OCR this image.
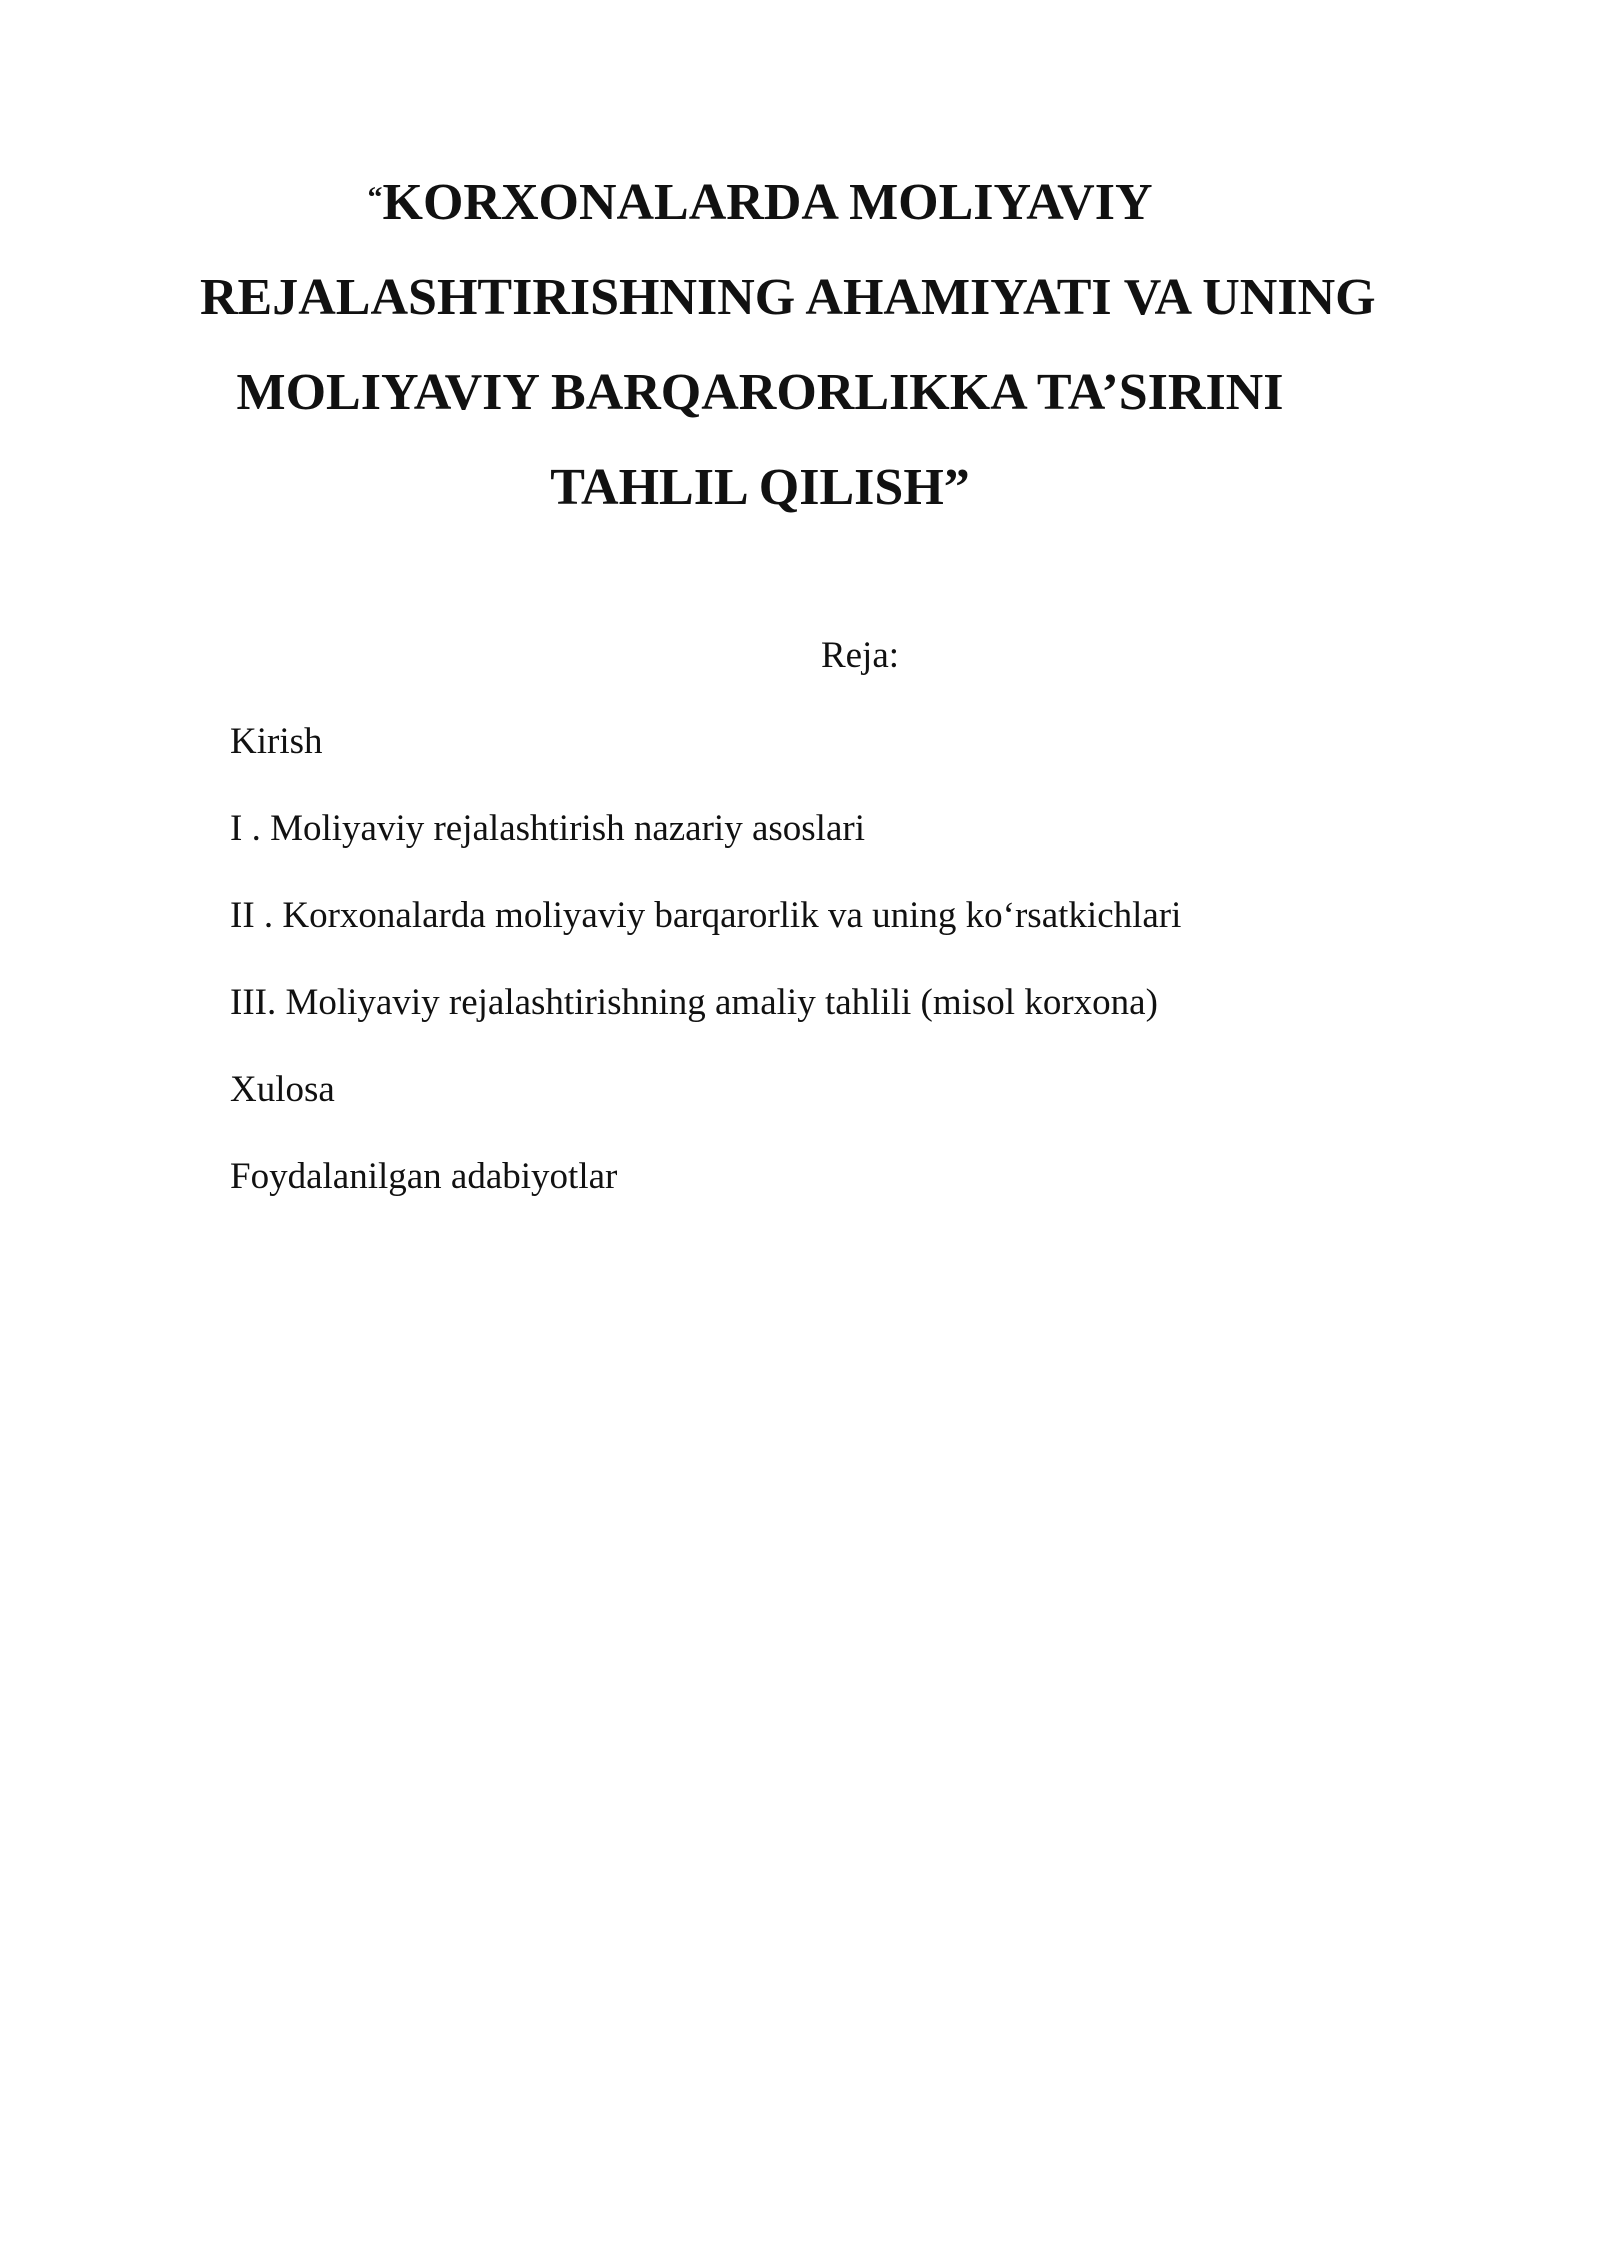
“KORXONALARDA MOLIYAVIY
REJALASHTIRISHNING AHAMIYATI VA UNING
MOLIYAVIY BARQARORLIKKA TA’SIRINI
TAHLIL QILISH”
Reja:
Kirish
I . Moliyaviy rejalashtirish nazariy asoslari
II . Korxonalarda moliyaviy barqarorlik va uning ko‘rsatkichlari
III. Moliyaviy rejalashtirishning amaliy tahlili (misol korxona)
Xulosa
Foydalanilgan adabiyotlar
